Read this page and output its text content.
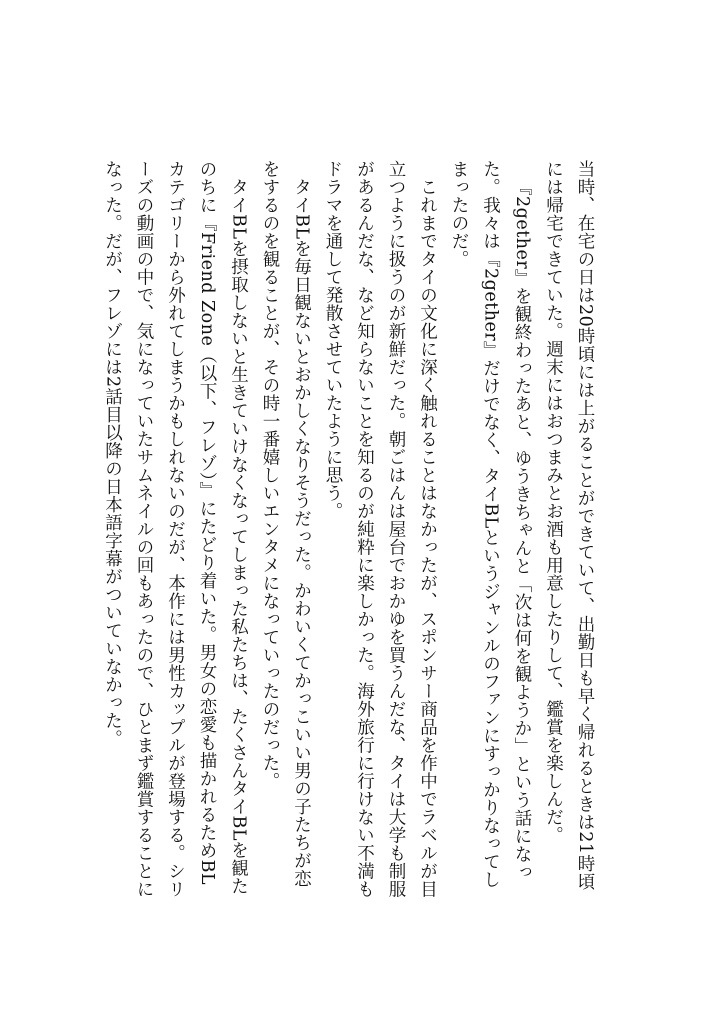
当時、在宅の日は20時頃には上がることができていて、出勤日も早く帰れるときは21時頃には帰宅できていた。週末にはおつまみとお酒も用意したりして、鑑賞を楽しんだ。

『2gether』を観終わったあと、ゆうきちゃんと「次は何を観ようか」という話になった。我々は『2gether』だけでなく、タイBLというジャンルのファンにすっかりなってしまったのだ。

これまでタイの文化に深く触れることはなかったが、スポンサー商品を作中でラベルが目立つように扱うのが新鮮だった。朝ごはんは屋台でおかゆを買うんだな、タイは大学も制服があるんだな、など知らないことを知るのが純粋に楽しかった。海外旅行に行けない不満もドラマを通して発散させていたように思う。

タイBLを毎日観ないとおかしくなりそうだった。かわいくてかっこいい男の子たちが恋をするのを観ることが、その時一番嬉しいエンタメになっていったのだった。

タイBLを摂取しないと生きていけなくなってしまった私たちは、たくさんタイBLを観たのちに『Friend Zone（以下、フレゾ）』にたどり着いた。男女の恋愛も描かれるためBLカテゴリーから外れてしまうかもしれないのだが、本作には男性カップルが登場する。シリーズの動画の中で、気になっていたサムネイルの回もあったので、ひとまず鑑賞することになった。だが、フレゾには2話目以降の日本語字幕がついていなかった。
